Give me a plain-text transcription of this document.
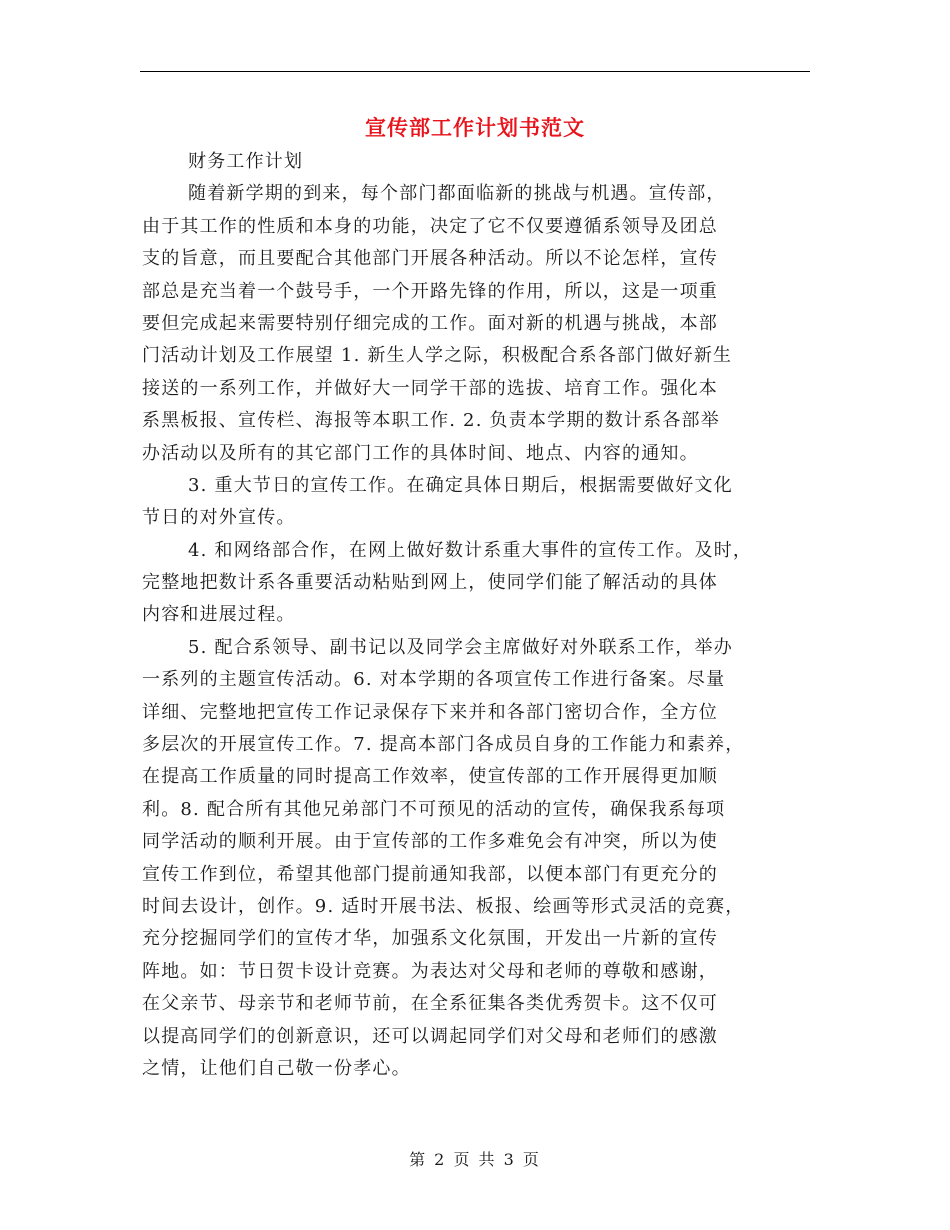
宣传部工作计划书范文
财务工作计划
随着新学期的到来，每个部门都面临新的挑战与机遇。宣传部，
由于其工作的性质和本身的功能，决定了它不仅要遵循系领导及团总
支的旨意，而且要配合其他部门开展各种活动。所以不论怎样，宣传
部总是充当着一个鼓号手，一个开路先锋的作用，所以，这是一项重
要但完成起来需要特别仔细完成的工作。面对新的机遇与挑战，本部
门活动计划及工作展望 1. 新生人学之际，积极配合系各部门做好新生
接送的一系列工作，并做好大一同学干部的选拔、培育工作。强化本
系黑板报、宣传栏、海报等本职工作. 2. 负责本学期的数计系各部举
办活动以及所有的其它部门工作的具体时间、地点、内容的通知。
3. 重大节日的宣传工作。在确定具体日期后，根据需要做好文化
节日的对外宣传。
4. 和网络部合作，在网上做好数计系重大事件的宣传工作。及时，
完整地把数计系各重要活动粘贴到网上，使同学们能了解活动的具体
内容和进展过程。
5. 配合系领导、副书记以及同学会主席做好对外联系工作，举办
一系列的主题宣传活动。6. 对本学期的各项宣传工作进行备案。尽量
详细、完整地把宣传工作记录保存下来并和各部门密切合作，全方位
多层次的开展宣传工作。7. 提高本部门各成员自身的工作能力和素养，
在提高工作质量的同时提高工作效率，使宣传部的工作开展得更加顺
利。8. 配合所有其他兄弟部门不可预见的活动的宣传，确保我系每项
同学活动的顺利开展。由于宣传部的工作多难免会有冲突，所以为使
宣传工作到位，希望其他部门提前通知我部，以便本部门有更充分的
时间去设计，创作。9. 适时开展书法、板报、绘画等形式灵活的竞赛，
充分挖掘同学们的宣传才华，加强系文化氛围，开发出一片新的宣传
阵地。如：节日贺卡设计竞赛。为表达对父母和老师的尊敬和感谢，
在父亲节、母亲节和老师节前，在全系征集各类优秀贺卡。这不仅可
以提高同学们的创新意识，还可以调起同学们对父母和老师们的感激
之情，让他们自己敬一份孝心。
第 2 页 共 3 页
